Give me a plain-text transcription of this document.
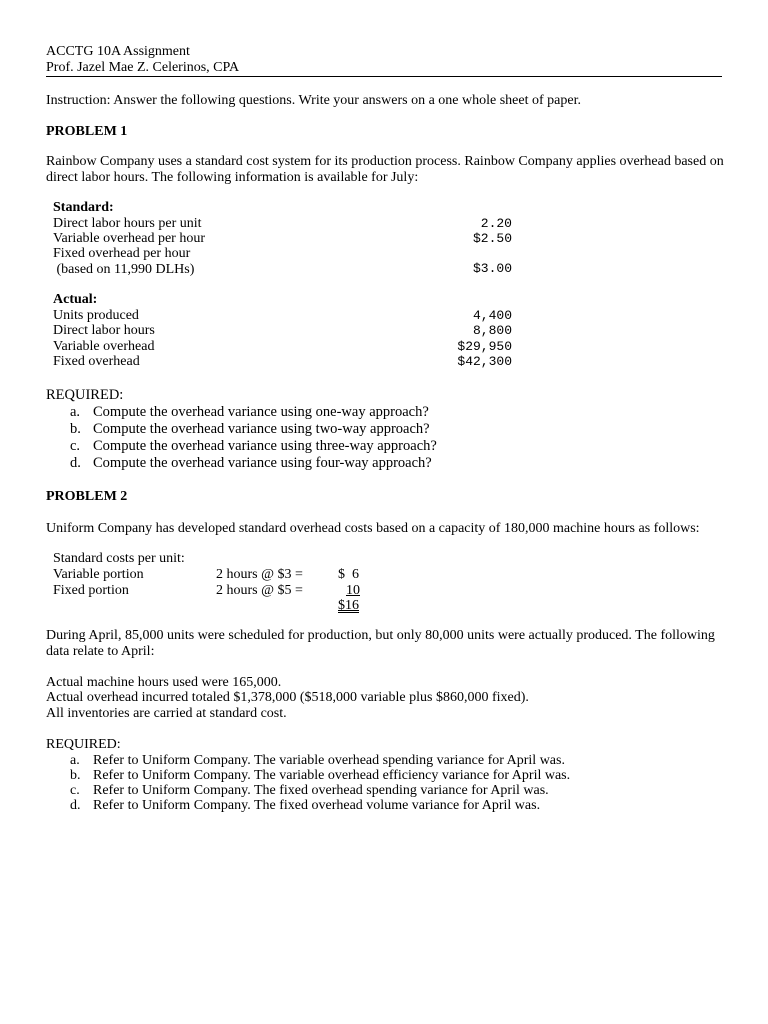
ACCTG 10A Assignment
Prof. Jazel Mae Z. Celerinos, CPA
Instruction: Answer the following questions. Write your answers on a one whole sheet of paper.
PROBLEM 1
Rainbow Company uses a standard cost system for its production process. Rainbow Company applies overhead based on direct labor hours. The following information is available for July:
Standard:
Direct labor hours per unit	2.20
Variable overhead per hour	$2.50
Fixed overhead per hour
(based on 11,990 DLHs)	$3.00
Actual:
Units produced	4,400
Direct labor hours	8,800
Variable overhead	$29,950
Fixed overhead	$42,300
REQUIRED:
a. Compute the overhead variance using one-way approach?
b. Compute the overhead variance using two-way approach?
c. Compute the overhead variance using three-way approach?
d. Compute the overhead variance using four-way approach?
PROBLEM 2
Uniform Company has developed standard overhead costs based on a capacity of 180,000 machine hours as follows:
Standard costs per unit:
Variable portion	2 hours @ $3 =	$  6
Fixed portion	2 hours @ $5 =	10
$16
During April, 85,000 units were scheduled for production, but only 80,000 units were actually produced. The following data relate to April:
Actual machine hours used were 165,000.
Actual overhead incurred totaled $1,378,000 ($518,000 variable plus $860,000 fixed).
All inventories are carried at standard cost.
REQUIRED:
a. Refer to Uniform Company. The variable overhead spending variance for April was.
b. Refer to Uniform Company. The variable overhead efficiency variance for April was.
c. Refer to Uniform Company. The fixed overhead spending variance for April was.
d. Refer to Uniform Company. The fixed overhead volume variance for April was.
